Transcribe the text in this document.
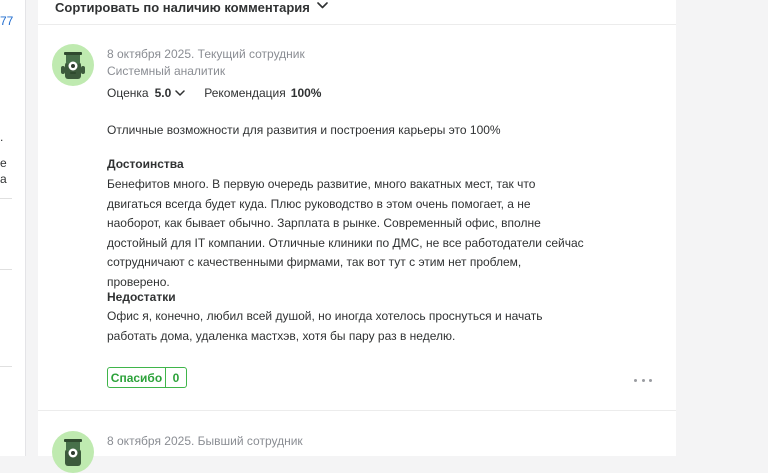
77
.
е
а
Сортировать по наличию комментария
8 октября 2025. Текущий сотрудник
Системный аналитик
Оценка 5.0	Рекомендация 100%
Отличные возможности для развития и построения карьеры это 100%
Достоинства
Бенефитов много. В первую очередь развитие, много вакатных мест, так что двигаться всегда будет куда. Плюс руководство в этом очень помогает, а не наоборот, как бывает обычно. Зарплата в рынке. Современный офис, вполне достойный для IT компании. Отличные клиники по ДМС, не все работодатели сейчас сотрудничают с качественными фирмами, так вот тут с этим нет проблем, проверено.
Недостатки
Офис я, конечно, любил всей душой, но иногда хотелось проснуться и начать работать дома, удаленка мастхэв, хотя бы пару раз в неделю.
Спасибо 0
8 октября 2025. Бывший сотрудник
